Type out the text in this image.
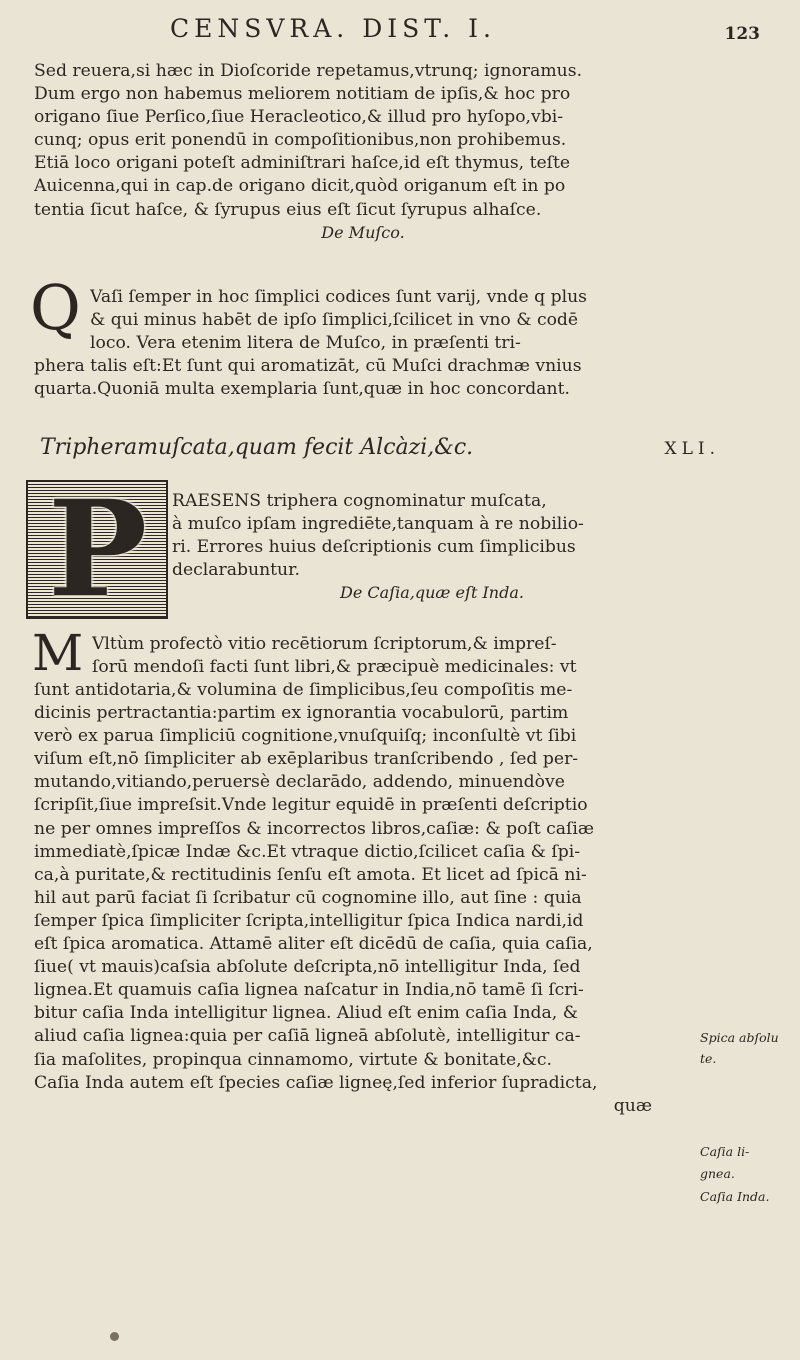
CENSVRA. DIST. I.	123
Sed reuera,si hæc in Dioſcoride repetamus,vtrunq; ignoramus.
Dum ergo non habemus meliorem notitiam de ipſis,& hoc pro
origano ſiue Perſico,ſiue Heracleotico,& illud pro hyſopo,vbi-
cunq; opus erit ponendū in compoſitionibus,non prohibemus.
Etiā loco origani poteſt adminiſtrari haſce,id eſt thymus, teſte
Auicenna,qui in cap.de origano dicit,quòd origanum eſt in po
tentia ſicut haſce, & ſyrupus eius eſt ſicut ſyrupus alhaſce.
De Muſco.
Q Vaſi ſemper in hoc ſimplici codices ſunt varij, vnde q plus
& qui minus habēt de ipſo ſimplici,ſcilicet in vno & codē
loco. Vera etenim litera de Muſco, in præſenti tri-
phera talis eſt:Et ſunt qui aromatizāt, cū Muſci drachmæ vnius
quarta.Quoniā multa exemplaria ſunt,quæ in hoc concordant.
Tripheramuſcata,quam fecit Alcàzi,&c.	XLI.
P RAESENS triphera cognominatur muſcata,
à muſco ipſam ingrediēte,tanquam à re nobilio-
ri. Errores huius deſcriptionis cum ſimplicibus
declarabuntur.
De Caſia,quæ eſt Inda.
M Vltùm profectò vitio recētiorum ſcriptorum,& impreſ-
ſorū mendoſi facti ſunt libri,& præcipuè medicinales: vt
ſunt antidotaria,& volumina de ſimplicibus,ſeu compoſitis me-
dicinis pertractantia:partim ex ignorantia vocabulorū, partim
verò ex parua ſimpliciū cognitione,vnuſquiſq; inconſultè vt ſibi
viſum eſt,nō ſimpliciter ab exēplaribus tranſcribendo , ſed per-
mutando,vitiando,peruersè declarādo, addendo, minuendòve
ſcripſit,ſiue impreſsit.Vnde legitur equidē in præſenti deſcriptio
ne per omnes impreſſos & incorrectos libros,caſiæ: & poſt caſiæ
immediatè,ſpicæ Indæ &c.Et vtraque dictio,ſcilicet caſia & ſpi-
ca,à puritate,& rectitudinis ſenſu eſt amota. Et licet ad ſpicā ni-
hil aut parū faciat ſi ſcribatur cū cognomine illo, aut ſine : quia
ſemper ſpica ſimpliciter ſcripta,intelligitur ſpica Indica nardi,id
eſt ſpica aromatica. Attamē aliter eſt dicēdū de caſia, quia caſia,
ſiue( vt mauis)caſsia abſolute deſcripta,nō intelligitur Inda, ſed
lignea.Et quamuis caſia lignea naſcatur in India,nō tamē ſi ſcri-
bitur caſia Inda intelligitur lignea. Aliud eſt enim caſia Inda, &
aliud caſia lignea:quia per caſiā ligneā abſolutè, intelligitur ca-
ſia maſolites, propinqua cinnamomo, virtute & bonitate,&c.
Caſia Inda autem eſt ſpecies caſiæ ligneę,ſed inferior ſupradicta,
quæ
Spica abſolu
te.
Caſia li-
gnea.
Caſia Inda.
